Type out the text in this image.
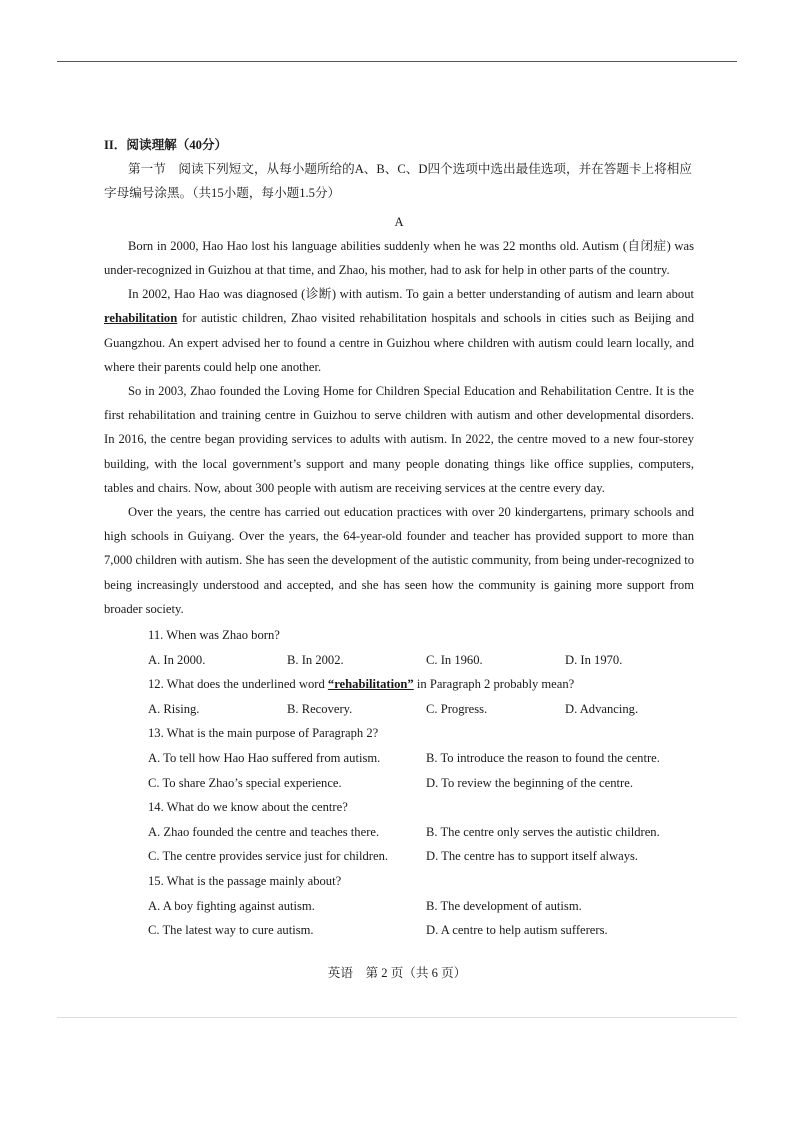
II．阅读理解（40分）

第一节　阅读下列短文，从每小题所给的A、B、C、D四个选项中选出最佳选项，并在答题卡上将相应字母编号涂黑。（共15小题，每小题1.5分）

A

Born in 2000, Hao Hao lost his language abilities suddenly when he was 22 months old. Autism (自闭症) was under-recognized in Guizhou at that time, and Zhao, his mother, had to ask for help in other parts of the country.

In 2002, Hao Hao was diagnosed (诊断) with autism. To gain a better understanding of autism and learn about rehabilitation for autistic children, Zhao visited rehabilitation hospitals and schools in cities such as Beijing and Guangzhou. An expert advised her to found a centre in Guizhou where children with autism could learn locally, and where their parents could help one another.

So in 2003, Zhao founded the Loving Home for Children Special Education and Rehabilitation Centre. It is the first rehabilitation and training centre in Guizhou to serve children with autism and other developmental disorders. In 2016, the centre began providing services to adults with autism. In 2022, the centre moved to a new four-storey building, with the local government’s support and many people donating things like office supplies, computers, tables and chairs. Now, about 300 people with autism are receiving services at the centre every day.

Over the years, the centre has carried out education practices with over 20 kindergartens, primary schools and high schools in Guiyang. Over the years, the 64-year-old founder and teacher has provided support to more than 7,000 children with autism. She has seen the development of the autistic community, from being under-recognized to being increasingly understood and accepted, and she has seen how the community is gaining more support from broader society.

11. When was Zhao born?

A. In 2000.	B. In 2002.	C. In 1960.	D. In 1970.

12. What does the underlined word “rehabilitation” in Paragraph 2 probably mean?

A. Rising.	B. Recovery.	C. Progress.	D. Advancing.

13. What is the main purpose of Paragraph 2?

A. To tell how Hao Hao suffered from autism.	B. To introduce the reason to found the centre.
C. To share Zhao’s special experience.	D. To review the beginning of the centre.

14. What do we know about the centre?

A. Zhao founded the centre and teaches there.	B. The centre only serves the autistic children.
C. The centre provides service just for children.	D. The centre has to support itself always.

15. What is the passage mainly about?

A. A boy fighting against autism.	B. The development of autism.
C. The latest way to cure autism.	D. A centre to help autism sufferers.
英语　第 2 页（共 6 页）
